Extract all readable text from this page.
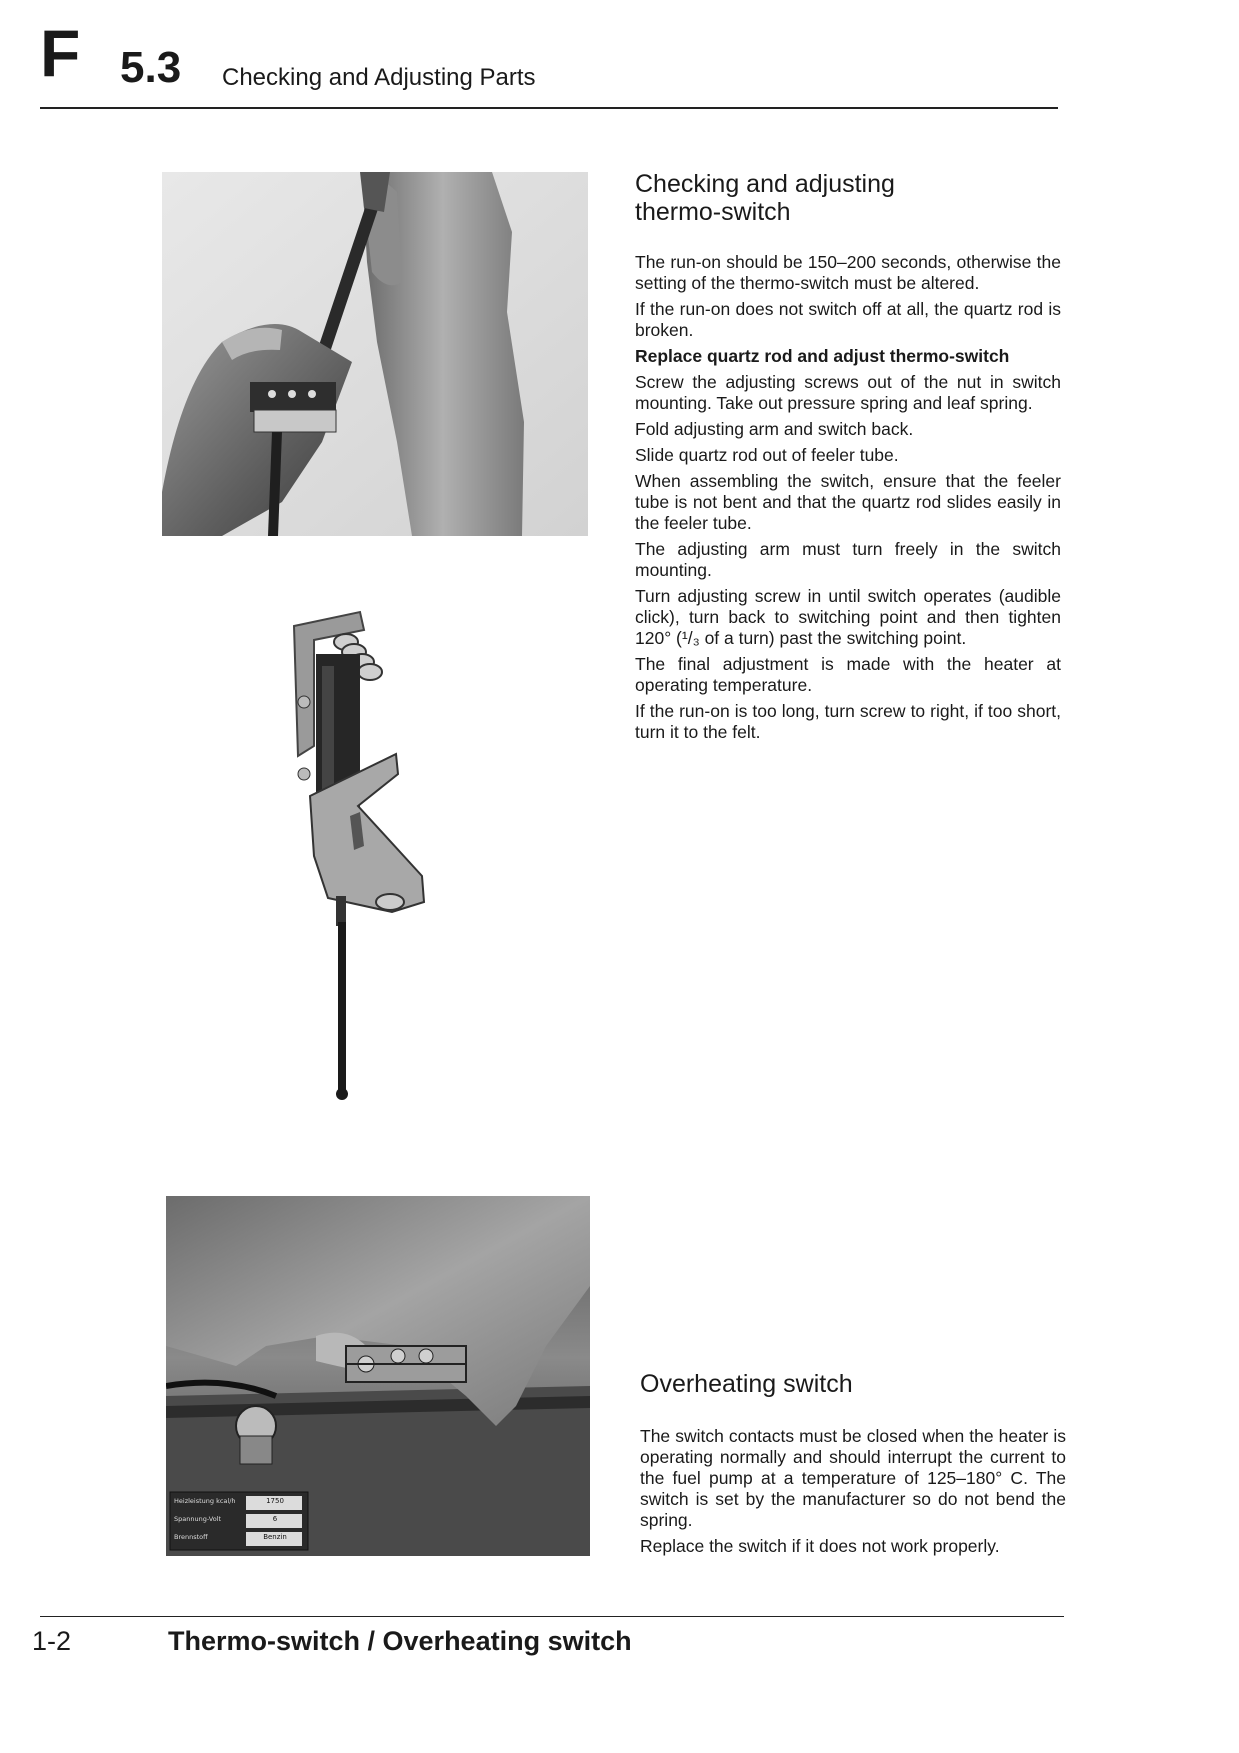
F 5.3 Checking and Adjusting Parts
Heizleistung kcal/h
Spannung-Volt
Brennstoff
1750
6
Benzin
Checking and adjusting
thermo-switch

The run-on should be 150–200 seconds, otherwise the setting of the thermo-switch must be altered.

If the run-on does not switch off at all, the quartz rod is broken.

Replace quartz rod and adjust thermo-switch

Screw the adjusting screws out of the nut in switch mounting. Take out pressure spring and leaf spring.

Fold adjusting arm and switch back.

Slide quartz rod out of feeler tube.

When assembling the switch, ensure that the feeler tube is not bent and that the quartz rod slides easily in the feeler tube.

The adjusting arm must turn freely in the switch mounting.

Turn adjusting screw in until switch operates (audible click), turn back to switching point and then tighten 120° (¹/₃ of a turn) past the switching point.

The final adjustment is made with the heater at operating temperature.

If the run-on is too long, turn screw to right, if too short, turn it to the felt.

Overheating switch

The switch contacts must be closed when the heater is operating normally and should interrupt the current to the fuel pump at a temperature of 125–180° C. The switch is set by the manufacturer so do not bend the spring.

Replace the switch if it does not work properly.

1-2	Thermo-switch / Overheating switch
